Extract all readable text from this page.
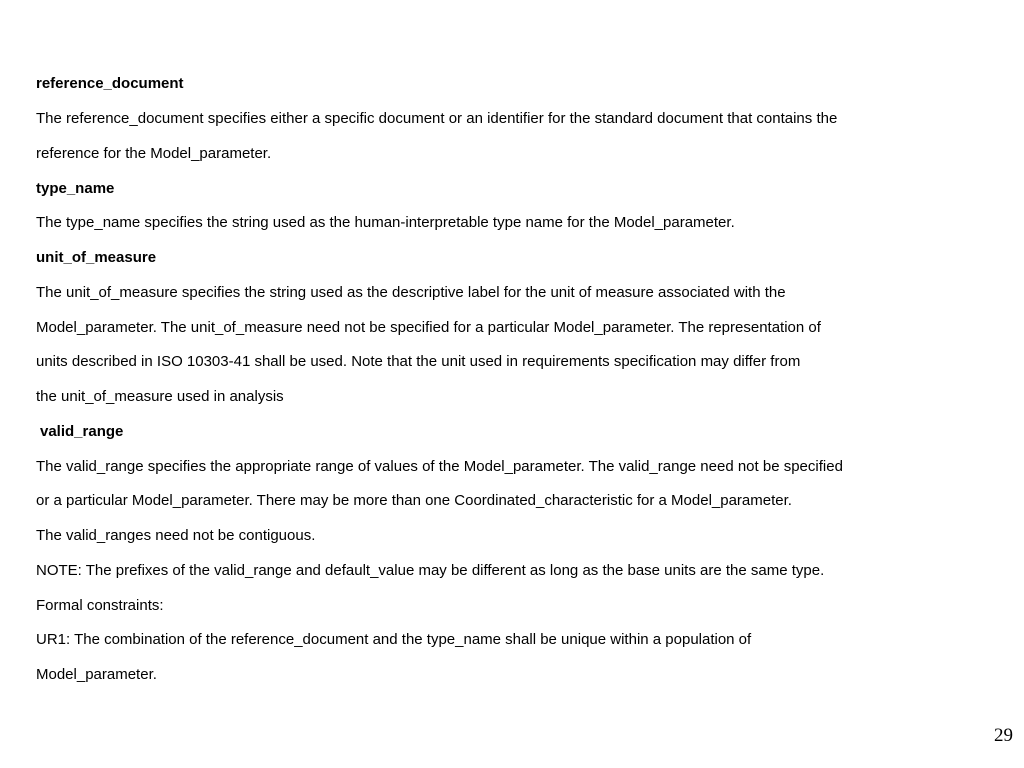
reference_document
The reference_document specifies either a specific document or an identifier for the standard document that contains the
reference for the Model_parameter.
type_name
The type_name specifies the string used as the human-interpretable type name for the Model_parameter.
unit_of_measure
The unit_of_measure specifies the string used as the descriptive label for the unit of measure associated with the
Model_parameter. The unit_of_measure need not be specified for a particular Model_parameter. The representation of
units described in ISO 10303-41 shall be used. Note that the unit used in requirements specification may differ from
the unit_of_measure used in analysis
valid_range
The valid_range specifies the appropriate range of values of the Model_parameter. The valid_range need not be specified
or a particular Model_parameter. There may be more than one Coordinated_characteristic for a Model_parameter.
The valid_ranges need not be contiguous.
NOTE: The prefixes of the valid_range and default_value may be different as long as the base units are the same type.
Formal constraints:
UR1: The combination of the reference_document and the type_name shall be unique within a population of
Model_parameter.
29
